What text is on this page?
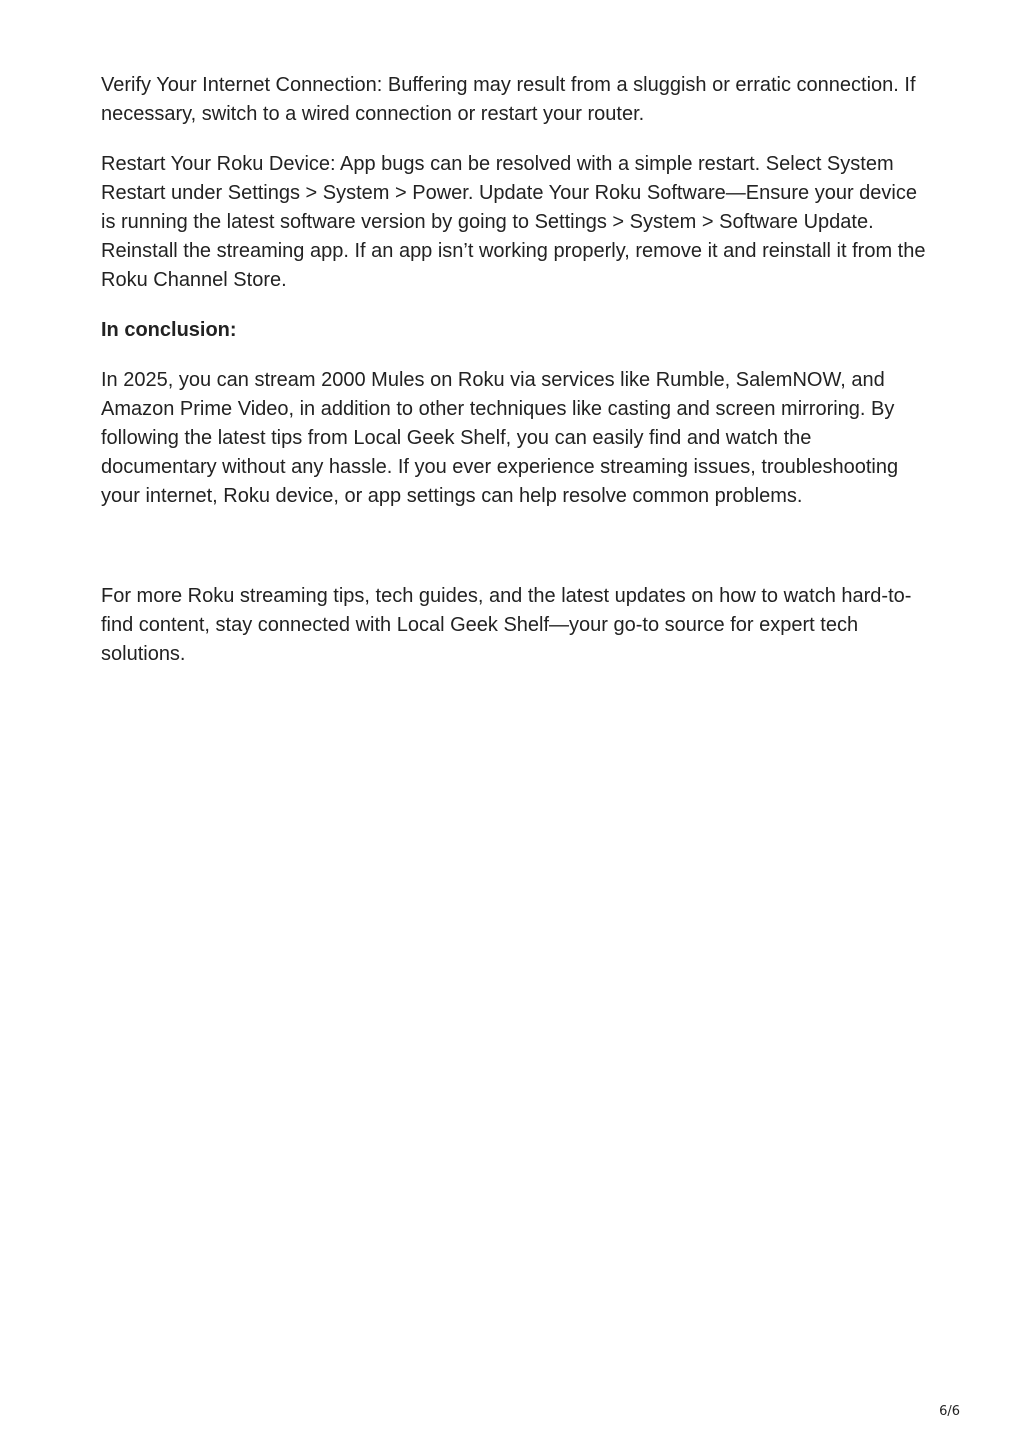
Verify Your Internet Connection: Buffering may result from a sluggish or erratic connection. If necessary, switch to a wired connection or restart your router.

Restart Your Roku Device: App bugs can be resolved with a simple restart. Select System Restart under Settings > System > Power. Update Your Roku Software—Ensure your device is running the latest software version by going to Settings > System > Software Update. Reinstall the streaming app. If an app isn’t working properly, remove it and reinstall it from the Roku Channel Store.

In conclusion:

In 2025, you can stream 2000 Mules on Roku via services like Rumble, SalemNOW, and Amazon Prime Video, in addition to other techniques like casting and screen mirroring. By following the latest tips from Local Geek Shelf, you can easily find and watch the documentary without any hassle. If you ever experience streaming issues, troubleshooting your internet, Roku device, or app settings can help resolve common problems.

For more Roku streaming tips, tech guides, and the latest updates on how to watch hard-to-find content, stay connected with Local Geek Shelf—your go-to source for expert tech solutions.

6/6
